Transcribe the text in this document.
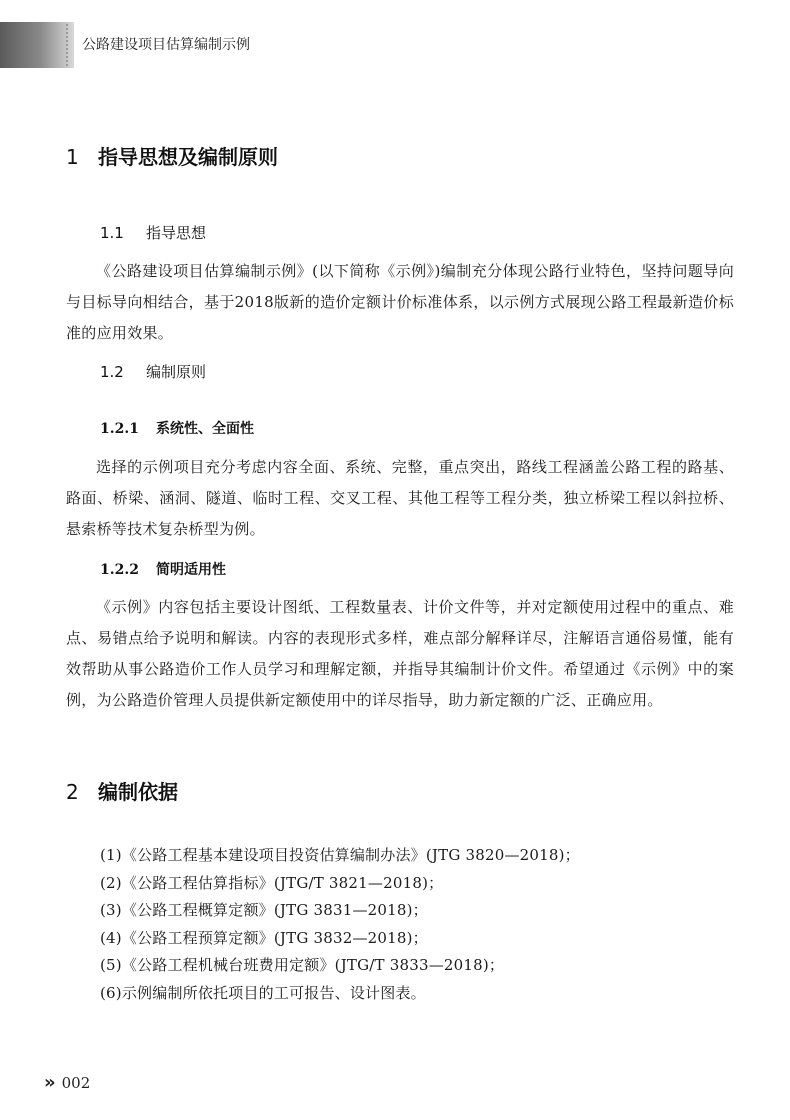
公路建设项目估算编制示例
1 指导思想及编制原则
1.1 指导思想
《公路建设项目估算编制示例》(以下简称《示例》)编制充分体现公路行业特色，坚持问题导向与目标导向相结合，基于2018版新的造价定额计价标准体系，以示例方式展现公路工程最新造价标准的应用效果。
1.2 编制原则
1.2.1 系统性、全面性
选择的示例项目充分考虑内容全面、系统、完整，重点突出，路线工程涵盖公路工程的路基、路面、桥梁、涵洞、隧道、临时工程、交叉工程、其他工程等工程分类，独立桥梁工程以斜拉桥、悬索桥等技术复杂桥型为例。
1.2.2 简明适用性
《示例》内容包括主要设计图纸、工程数量表、计价文件等，并对定额使用过程中的重点、难点、易错点给予说明和解读。内容的表现形式多样，难点部分解释详尽，注解语言通俗易懂，能有效帮助从事公路造价工作人员学习和理解定额，并指导其编制计价文件。希望通过《示例》中的案例，为公路造价管理人员提供新定额使用中的详尽指导，助力新定额的广泛、正确应用。
2 编制依据
(1)《公路工程基本建设项目投资估算编制办法》(JTG 3820—2018)；
(2)《公路工程估算指标》(JTG/T 3821—2018)；
(3)《公路工程概算定额》(JTG 3831—2018)；
(4)《公路工程预算定额》(JTG 3832—2018)；
(5)《公路工程机械台班费用定额》(JTG/T 3833—2018)；
(6)示例编制所依托项目的工可报告、设计图表。
» 002
